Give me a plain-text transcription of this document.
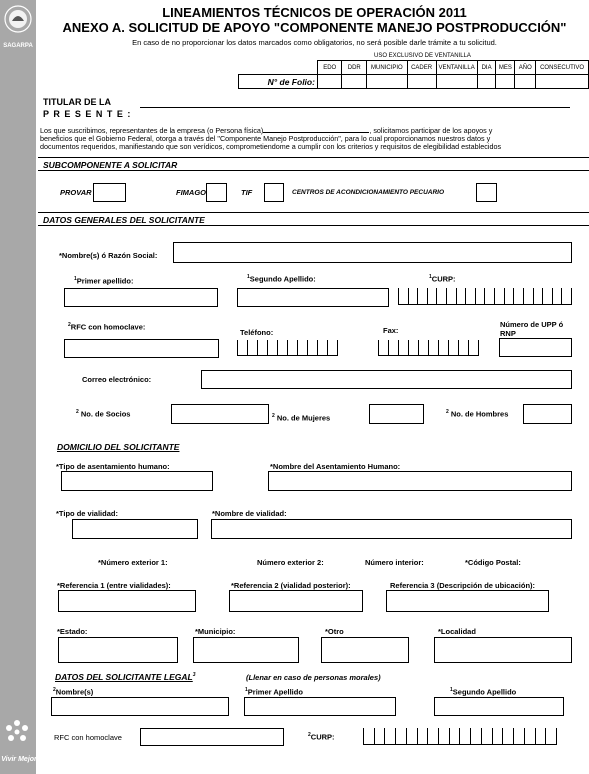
SAGARPA
Vivir Mejor
LINEAMIENTOS TÉCNICOS DE OPERACIÓN 2011
ANEXO A. SOLICITUD DE APOYO "COMPONENTE MANEJO POSTPRODUCCIÓN"
En caso de no proporcionar los datos marcados como obligatorios, no será posible darle trámite a tu solicitud.
USO EXCLUSIVO DE VENTANILLA
	EDO	DDR	MUNICIPIO	CADER	VENTANILLA	DIA	MES	AÑO	CONSECUTIVO
N° de Folio:									
TITULAR DE LA
P R E S E N T E :
Los que suscribimos, representantes de la empresa (o Persona física)	, solicitamos participar de los apoyos y
beneficios que el Gobierno Federal, otorga a través del "Componente Manejo Postproducción", para lo cual proporcionamos nuestros datos y
documentos requeridos, manifiestando que son verídicos, comprometiendome a cumplir con los criterios y requisitos de elegibilidad establecidos
SUBCOMPONENTE A SOLICITAR
PROVAR	FIMAGO	TIF	CENTROS DE ACONDICIONAMIENTO PECUARIO
DATOS GENERALES DEL SOLICITANTE
*Nombre(s) ó Razón Social:
$^1$Primer apellido:	$^1$Segundo Apellido:	$^1$CURP:
$^2$RFC con homoclave:
Teléfono:	Fax:
Número de UPP ó RNP
Correo electrónico:
$^2$ No. de Socios	$^2$ No. de Mujeres
$^2$ No. de Hombres
DOMICILIO DEL SOLICITANTE
*Tipo de asentamiento humano:	*Nombre del Asentamiento Humano:
*Tipo de vialidad:	*Nombre de vialidad:
*Número exterior 1:	Número exterior 2:	Número interior:	*Código Postal:
*Referencia 1 (entre vialidades):	*Referencia 2 (vialidad posterior):	Referencia 3 (Descripción de ubicación):
*Estado:	*Municipio:	*Otro	*Localidad
DATOS DEL SOLICITANTE LEGAL$^3$	(Llenar en caso de personas morales)
$^2$Nombre(s)	$^1$Primer Apellido	$^1$Segundo Apellido
RFC con homoclave	$^2$CURP:
